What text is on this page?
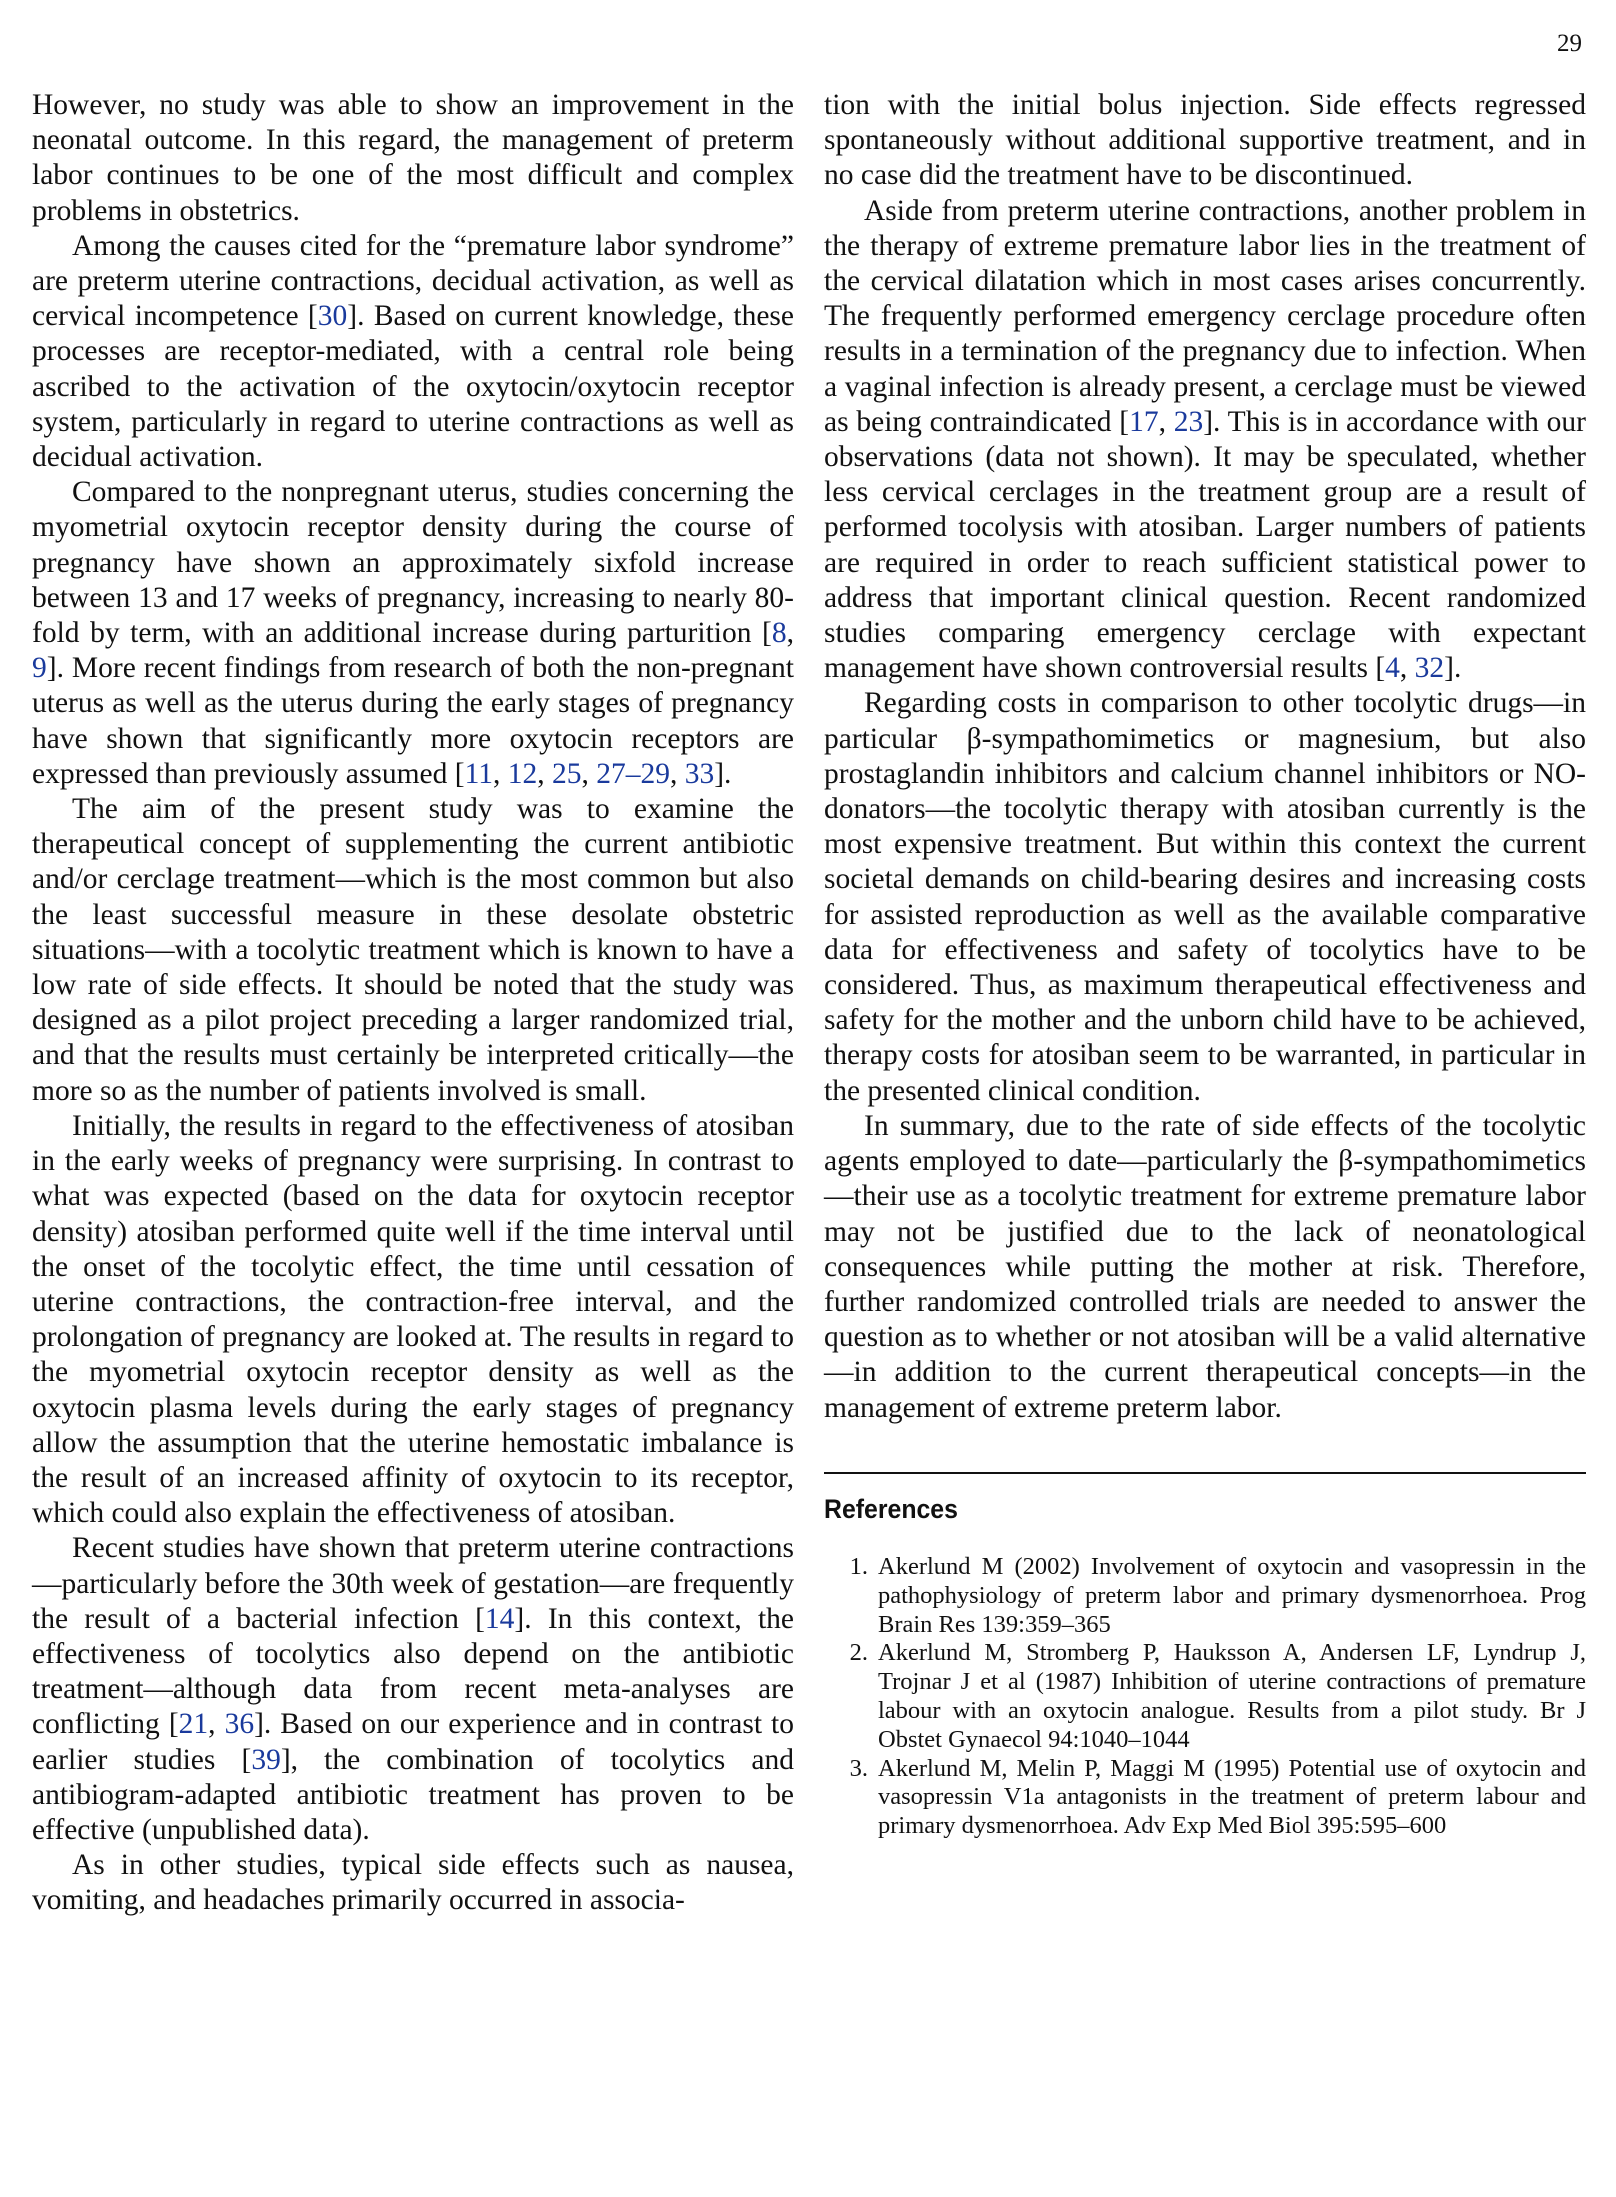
29

However, no study was able to show an improvement in the neonatal outcome. In this regard, the management of preterm labor continues to be one of the most difficult and complex problems in obstetrics.

Among the causes cited for the “premature labor syndrome” are preterm uterine contractions, decidual activation, as well as cervical incompetence [30]. Based on current knowledge, these processes are receptor-mediated, with a central role being ascribed to the activation of the oxytocin/oxytocin receptor system, particularly in regard to uterine contractions as well as decidual activation.

Compared to the nonpregnant uterus, studies concerning the myometrial oxytocin receptor density during the course of pregnancy have shown an approximately sixfold increase between 13 and 17 weeks of pregnancy, increasing to nearly 80-fold by term, with an additional increase during parturition [8, 9]. More recent findings from research of both the non-pregnant uterus as well as the uterus during the early stages of pregnancy have shown that significantly more oxytocin receptors are expressed than previously assumed [11, 12, 25, 27–29, 33].

The aim of the present study was to examine the therapeutical concept of supplementing the current antibiotic and/or cerclage treatment—which is the most common but also the least successful measure in these desolate obstetric situations—with a tocolytic treatment which is known to have a low rate of side effects. It should be noted that the study was designed as a pilot project preceding a larger randomized trial, and that the results must certainly be interpreted critically—the more so as the number of patients involved is small.

Initially, the results in regard to the effectiveness of atosiban in the early weeks of pregnancy were surprising. In contrast to what was expected (based on the data for oxytocin receptor density) atosiban performed quite well if the time interval until the onset of the tocolytic effect, the time until cessation of uterine contractions, the contraction-free interval, and the prolongation of pregnancy are looked at. The results in regard to the myometrial oxytocin receptor density as well as the oxytocin plasma levels during the early stages of pregnancy allow the assumption that the uterine hemostatic imbalance is the result of an increased affinity of oxytocin to its receptor, which could also explain the effectiveness of atosiban.

Recent studies have shown that preterm uterine contractions—particularly before the 30th week of gestation—are frequently the result of a bacterial infection [14]. In this context, the effectiveness of tocolytics also depend on the antibiotic treatment—although data from recent meta-analyses are conflicting [21, 36]. Based on our experience and in contrast to earlier studies [39], the combination of tocolytics and antibiogram-adapted antibiotic treatment has proven to be effective (unpublished data).

As in other studies, typical side effects such as nausea, vomiting, and headaches primarily occurred in associa-

tion with the initial bolus injection. Side effects regressed spontaneously without additional supportive treatment, and in no case did the treatment have to be discontinued.

Aside from preterm uterine contractions, another problem in the therapy of extreme premature labor lies in the treatment of the cervical dilatation which in most cases arises concurrently. The frequently performed emergency cerclage procedure often results in a termination of the pregnancy due to infection. When a vaginal infection is already present, a cerclage must be viewed as being contraindicated [17, 23]. This is in accordance with our observations (data not shown). It may be speculated, whether less cervical cerclages in the treatment group are a result of performed tocolysis with atosiban. Larger numbers of patients are required in order to reach sufficient statistical power to address that important clinical question. Recent randomized studies comparing emergency cerclage with expectant management have shown controversial results [4, 32].

Regarding costs in comparison to other tocolytic drugs—in particular β-sympathomimetics or magnesium, but also prostaglandin inhibitors and calcium channel inhibitors or NO-donators—the tocolytic therapy with atosiban currently is the most expensive treatment. But within this context the current societal demands on child-bearing desires and increasing costs for assisted reproduction as well as the available comparative data for effectiveness and safety of tocolytics have to be considered. Thus, as maximum therapeutical effectiveness and safety for the mother and the unborn child have to be achieved, therapy costs for atosiban seem to be warranted, in particular in the presented clinical condition.

In summary, due to the rate of side effects of the tocolytic agents employed to date—particularly the β-sympathomimetics—their use as a tocolytic treatment for extreme premature labor may not be justified due to the lack of neonatological consequences while putting the mother at risk. Therefore, further randomized controlled trials are needed to answer the question as to whether or not atosiban will be a valid alternative —in addition to the current therapeutical concepts—in the management of extreme preterm labor.

References
1. Akerlund M (2002) Involvement of oxytocin and vasopressin in the pathophysiology of preterm labor and primary dysmenorrhoea. Prog Brain Res 139:359–365
2. Akerlund M, Stromberg P, Hauksson A, Andersen LF, Lyndrup J, Trojnar J et al (1987) Inhibition of uterine contractions of premature labour with an oxytocin analogue. Results from a pilot study. Br J Obstet Gynaecol 94:1040–1044
3. Akerlund M, Melin P, Maggi M (1995) Potential use of oxytocin and vasopressin V1a antagonists in the treatment of preterm labour and primary dysmenorrhoea. Adv Exp Med Biol 395:595–600
